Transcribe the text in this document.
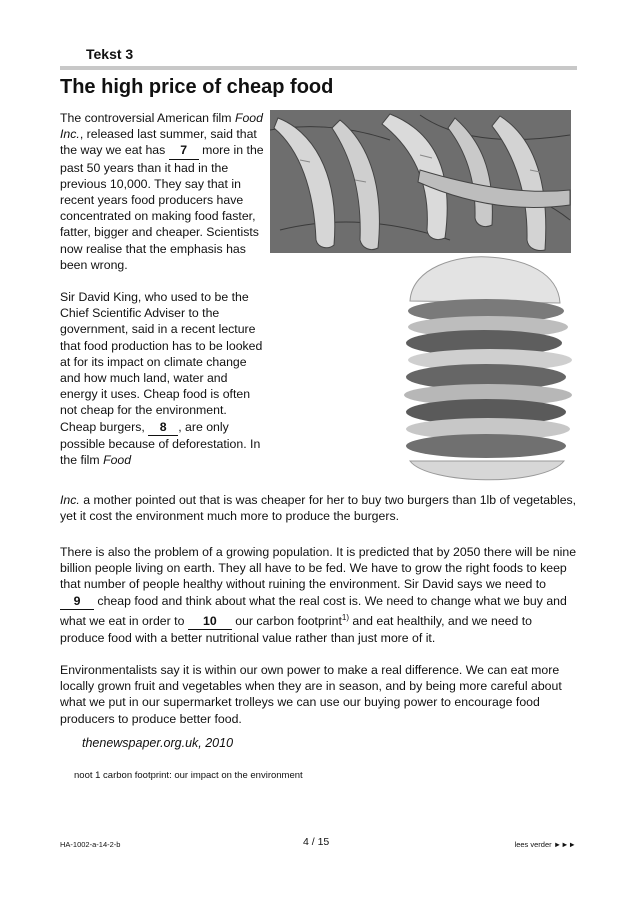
Tekst 3
The high price of cheap food

The controversial American film Food Inc., released last summer, said that the way we eat has 7 more in the past 50 years than it had in the previous 10,000. They say that in recent years food producers have concentrated on making food faster, fatter, bigger and cheaper. Scientists now realise that the emphasis has been wrong.

Sir David King, who used to be the Chief Scientific Adviser to the government, said in a recent lecture that food production has to be looked at for its impact on climate change and how much land, water and energy it uses. Cheap food is often not cheap for the environment. Cheap burgers, 8 , are only possible because of deforestation. In the film Food

Inc. a mother pointed out that is was cheaper for her to buy two burgers than 1lb of vegetables, yet it cost the environment much more to produce the burgers.

There is also the problem of a growing population. It is predicted that by 2050 there will be nine billion people living on earth. They all have to be fed. We have to grow the right foods to keep that number of people healthy without ruining the environment. Sir David says we need to 9 cheap food and think about what the real cost is. We need to change what we buy and what we eat in order to 10 our carbon footprint$^{1)}$ and eat healthily, and we need to produce food with a better nutritional value rather than just more of it.

Environmentalists say it is within our own power to make a real difference. We can eat more locally grown fruit and vegetables when they are in season, and by being more careful about what we put in our supermarket trolleys we can use our buying power to encourage food producers to produce better food.

thenewspaper.org.uk, 2010
noot 1 carbon footprint: our impact on the environment
HA-1002-a-14-2-b	4 / 15	lees verder ►►►
